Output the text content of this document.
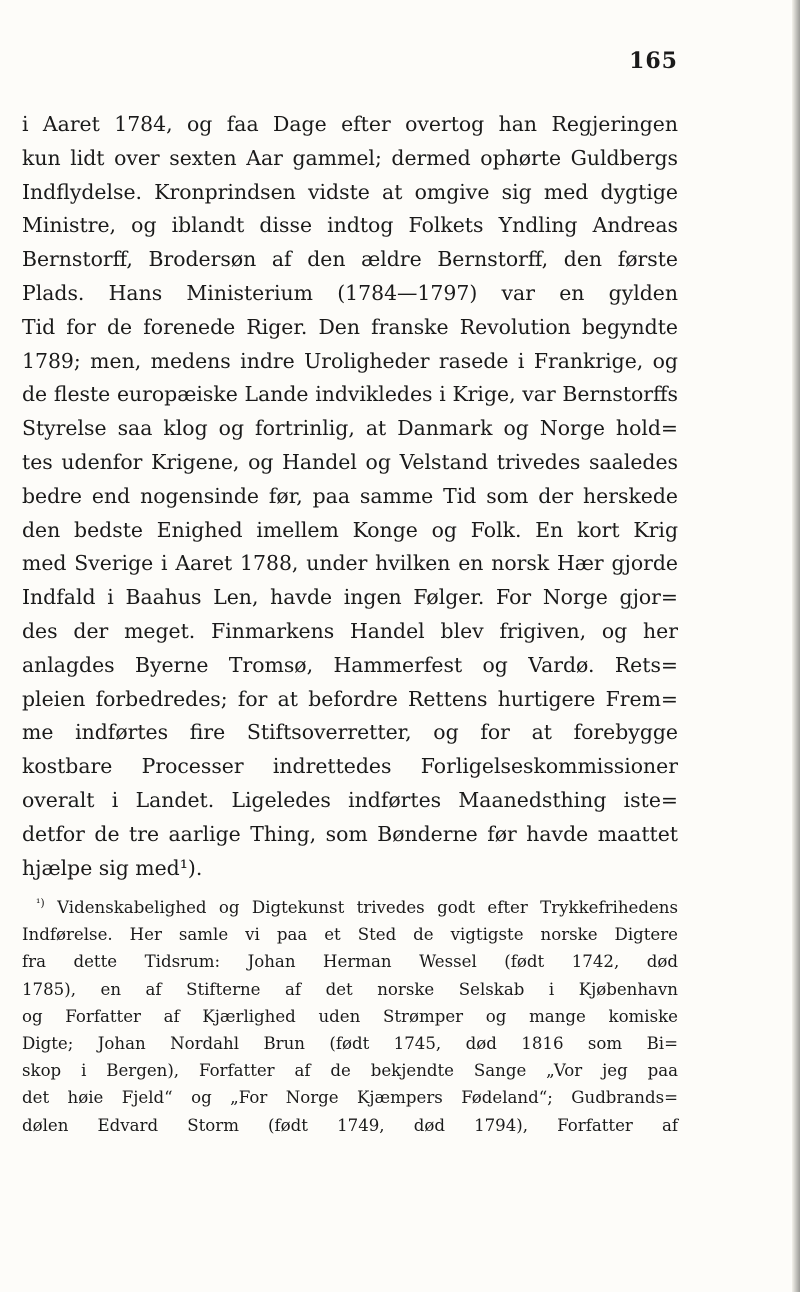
165
i Aaret 1784, og faa Dage efter overtog han Regjeringen
kun lidt over sexten Aar gammel; dermed ophørte Guldbergs
Indflydelse. Kronprindsen vidste at omgive sig med dygtige
Ministre, og iblandt disse indtog Folkets Yndling Andreas
Bernstorff, Brodersøn af den ældre Bernstorff, den første
Plads. Hans Ministerium (1784—1797) var en gylden
Tid for de forenede Riger. Den franske Revolution begyndte
1789; men, medens indre Uroligheder rasede i Frankrige, og
de fleste europæiske Lande indvikledes i Krige, var Bernstorffs
Styrelse saa klog og fortrinlig, at Danmark og Norge hold=
tes udenfor Krigene, og Handel og Velstand trivedes saaledes
bedre end nogensinde før, paa samme Tid som der herskede
den bedste Enighed imellem Konge og Folk. En kort Krig
med Sverige i Aaret 1788, under hvilken en norsk Hær gjorde
Indfald i Baahus Len, havde ingen Følger. For Norge gjor=
des der meget. Finmarkens Handel blev frigiven, og her
anlagdes Byerne Tromsø, Hammerfest og Vardø. Rets=
pleien forbedredes; for at befordre Rettens hurtigere Frem=
me indførtes fire Stiftsoverretter, og for at forebygge
kostbare Processer indrettedes Forligelseskommissioner
overalt i Landet. Ligeledes indførtes Maanedsthing iste=
detfor de tre aarlige Thing, som Bønderne før havde maattet
hjælpe sig med¹).
$^{^1)}$ Videnskabelighed og Digtekunst trivedes godt efter Trykkefrihedens
Indførelse. Her samle vi paa et Sted de vigtigste norske Digtere
fra dette Tidsrum: Johan Herman Wessel (født 1742, død
1785), en af Stifterne af det norske Selskab i Kjøbenhavn
og Forfatter af Kjærlighed uden Strømper og mange komiske
Digte; Johan Nordahl Brun (født 1745, død 1816 som Bi=
skop i Bergen), Forfatter af de bekjendte Sange „Vor jeg paa
det høie Fjeld“ og „For Norge Kjæmpers Fødeland“; Gudbrands=
dølen Edvard Storm (født 1749, død 1794), Forfatter af
